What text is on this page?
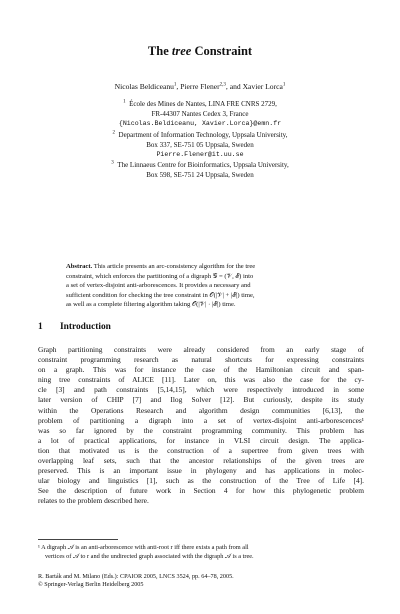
The tree Constraint
Nicolas Beldiceanu$^1$, Pierre Flener$^{2,3}$, and Xavier Lorca$^1$
$^1$ École des Mines de Nantes, LINA FRE CNRS 2729,
FR-44307 Nantes Cedex 3, France
{Nicolas.Beldiceanu, Xavier.Lorca}@emn.fr
$^2$ Department of Information Technology, Uppsala University,
Box 337, SE-751 05 Uppsala, Sweden
Pierre.Flener@it.uu.se
$^3$ The Linnaeus Centre for Bioinformatics, Uppsala University,
Box 598, SE-751 24 Uppsala, Sweden
Abstract. This article presents an arc-consistency algorithm for the tree
constraint, which enforces the partitioning of a digraph 𝒢 = (𝒱, ℰ) into
a set of vertex-disjoint anti-arborescences. It provides a necessary and
sufficient condition for checking the tree constraint in 𝒪(|𝒱| + |ℰ|) time,
as well as a complete filtering algorithm taking 𝒪(|𝒱| · |ℰ|) time.
1 Introduction
Graph partitioning constraints were already considered from an early stage of
constraint programming research as natural shortcuts for expressing constraints
on a graph. This was for instance the case of the Hamiltonian circuit and span-
ning tree constraints of ALICE [11]. Later on, this was also the case for the cy-
cle [3] and path constraints [5,14,15], which were respectively introduced in some
later version of CHIP [7] and Ilog Solver [12]. But curiously, despite its study
within the Operations Research and algorithm design communities [6,13], the
problem of partitioning a digraph into a set of vertex-disjoint anti-arborescences¹
was so far ignored by the constraint programming community. This problem has
a lot of practical applications, for instance in VLSI circuit design. The applica-
tion that motivated us is the construction of a supertree from given trees with
overlapping leaf sets, such that the ancestor relationships of the given trees are
preserved. This is an important issue in phylogeny and has applications in molec-
ular biology and linguistics [1], such as the construction of the Tree of Life [4].
See the description of future work in Section 4 for how this phylogenetic problem
relates to the problem described here.
¹ A digraph 𝒜 is an anti-arborescence with anti-root r iff there exists a path from all
vertices of 𝒜 to r and the undirected graph associated with the digraph 𝒜 is a tree.
R. Barták and M. Milano (Eds.): CPAIOR 2005, LNCS 3524, pp. 64–78, 2005.
© Springer-Verlag Berlin Heidelberg 2005
